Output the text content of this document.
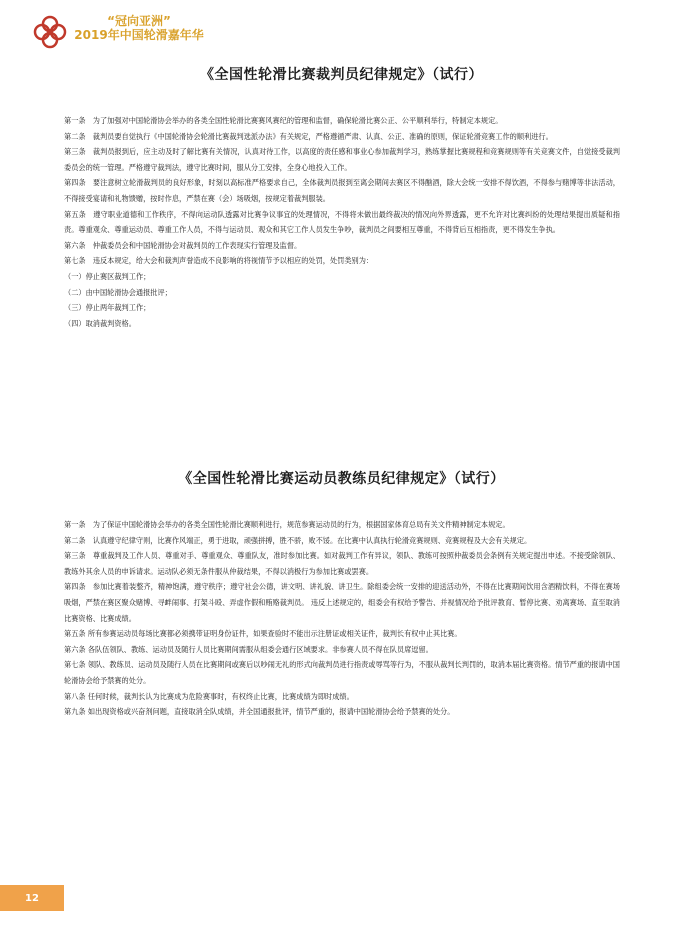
“冠向亚洲”
2019年中国轮滑嘉年华
《全国性轮滑比赛裁判员纪律规定》（试行）

第一条　为了加强对中国轮滑协会举办的各类全国性轮滑比赛赛风赛纪的管理和监督，确保轮滑比赛公正、公平顺利举行，特制定本规定。

第二条　裁判员要自觉执行《中国轮滑协会轮滑比赛裁判选派办法》有关规定，严格遵循严肃、认真、公正、准确的原则，保证轮滑竞赛工作的顺利进行。

第三条　裁判员报到后，应主动及时了解比赛有关情况，认真对待工作，以高度的责任感和事业心参加裁判学习，熟练掌握比赛规程和竞赛规则等有关竞赛文件，自觉接受裁判委员会的统一管理。严格遵守裁判法，遵守比赛时间，服从分工安排，全身心地投入工作。

第四条　要注意树立轮滑裁判员的良好形象，时刻以高标准严格要求自己，全体裁判员报到至离会期间去赛区不得酗酒，除大会统一安排不得饮酒，不得参与赌博等非法活动，不得接受宴请和礼物馈赠，按时作息，严禁在赛（会）场吸烟，按规定着裁判服装。

第五条　遵守职业道德和工作秩序，不得向运动队透露对比赛争议事宜的处理情况，不得将未做出最终裁决的情况向外界透露，更不允许对比赛纠纷的处理结果提出质疑和指责。尊重观众、尊重运动员、尊重工作人员，不得与运动员、观众和其它工作人员发生争吵，裁判员之间要相互尊重，不得背后互相指责，更不得发生争执。

第六条　仲裁委员会和中国轮滑协会对裁判员的工作表现实行管理及监督。

第七条　违反本规定，给大会和裁判声誉造成不良影响的将视情节予以相应的处罚，处罚类别为：

（一）停止赛区裁判工作；

（二）由中国轮滑协会通报批评；

（三）停止两年裁判工作；

（四）取消裁判资格。

《全国性轮滑比赛运动员教练员纪律规定》（试行）

第一条　为了保证中国轮滑协会举办的各类全国性轮滑比赛顺利进行，规范参赛运动员的行为，根据国家体育总局有关文件精神制定本规定。

第二条　认真遵守纪律守则，比赛作风端正，勇于进取，顽强拼搏，胜不骄，败不馁。在比赛中认真执行轮滑竞赛规则、竞赛规程及大会有关规定。

第三条　尊重裁判及工作人员、尊重对手、尊重观众、尊重队友，准时参加比赛。如对裁判工作有异议，领队、教练可按照仲裁委员会条例有关规定提出申述。不接受除领队、教练外其余人员的申诉请求。运动队必须无条件服从仲裁结果，不得以消极行为参加比赛或罢赛。

第四条　参加比赛着装整齐，精神饱满，遵守秩序；遵守社会公德，讲文明、讲礼貌、讲卫生。除组委会统一安排的迎送活动外，不得在比赛期间饮用含酒精饮料，不得在赛场吸烟，严禁在赛区聚众赌博、寻衅闹事、打架斗殴、弄虚作假和贿赂裁判员。 违反上述规定的，组委会有权给予警告、并视情况给予批评教育、暂停比赛、劝离赛场、直至取消比赛资格、比赛成绩。

第五条 所有参赛运动员每场比赛都必须携带证明身份证件，如果查验时不能出示注册证或相关证件，裁判长有权中止其比赛。

第六条 各队伍领队、教练、运动员及随行人员比赛期间需服从组委会通行区域要求。非参赛人员不得在队员席逗留。

第七条 领队、教练员、运动员及随行人员在比赛期间或赛后以吵闹无礼的形式向裁判员进行指责或辱骂等行为，不服从裁判长判罚的，取消本届比赛资格。情节严重的报请中国轮滑协会给予禁赛的处分。

第八条 任何时候，裁判长认为比赛成为危险赛事时，有权终止比赛，比赛成绩为即时成绩。

第九条 如出现资格或兴奋剂问题，直接取消全队成绩，并全国通报批评，情节严重的，报请中国轮滑协会给予禁赛的处分。

12
